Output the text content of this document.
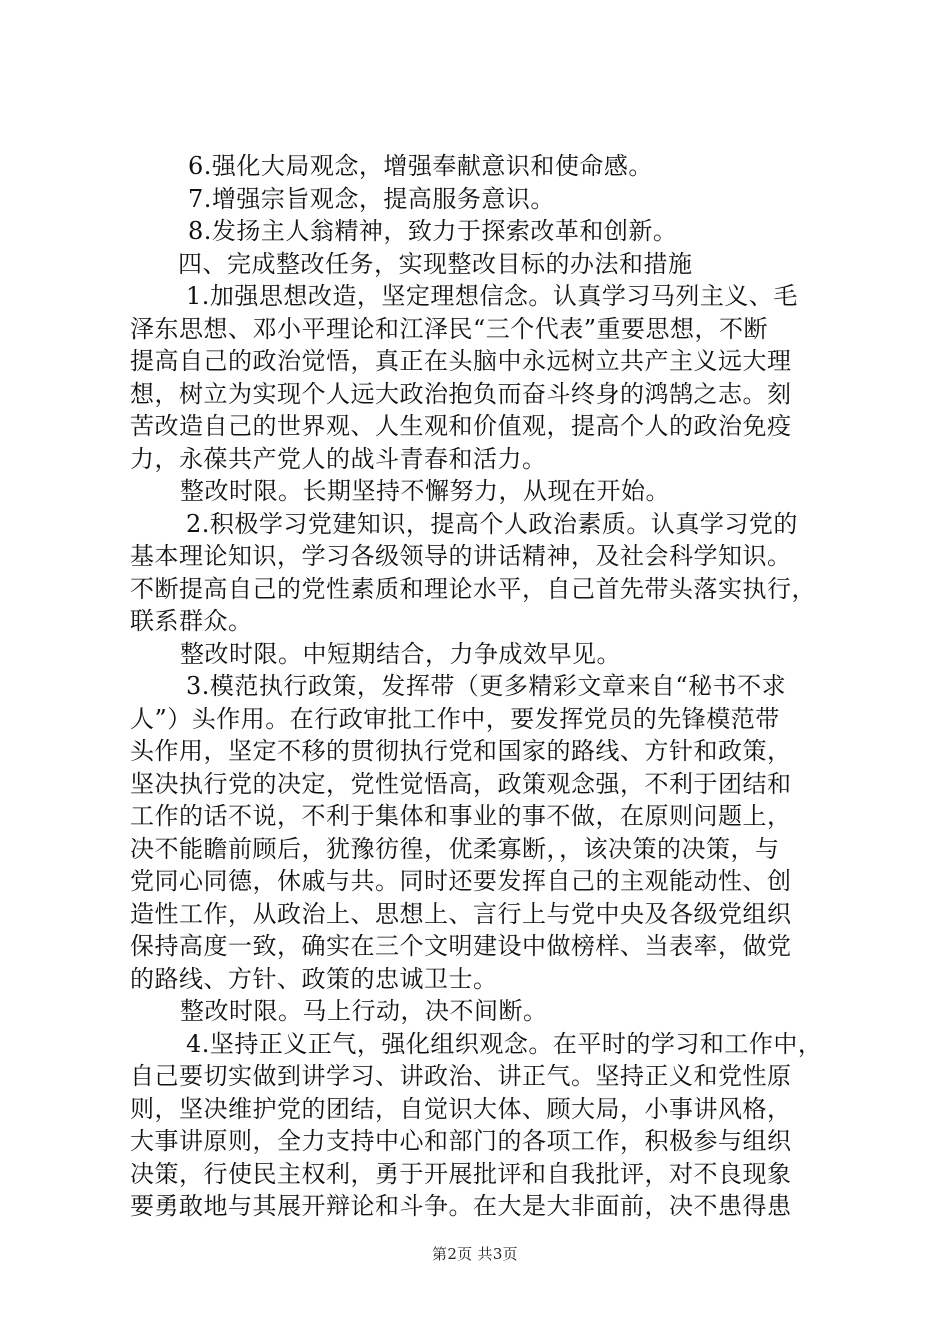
6.强化大局观念，增强奉献意识和使命感。
7.增强宗旨观念，提高服务意识。
8.发扬主人翁精神，致力于探索改革和创新。
四、完成整改任务，实现整改目标的办法和措施
1.加强思想改造，坚定理想信念。认真学习马列主义、毛
泽东思想、邓小平理论和江泽民“三个代表”重要思想，不断
提高自己的政治觉悟，真正在头脑中永远树立共产主义远大理
想，树立为实现个人远大政治抱负而奋斗终身的鸿鹄之志。刻
苦改造自己的世界观、人生观和价值观，提高个人的政治免疫
力，永葆共产党人的战斗青春和活力。
整改时限。长期坚持不懈努力，从现在开始。
2.积极学习党建知识，提高个人政治素质。认真学习党的
基本理论知识，学习各级领导的讲话精神，及社会科学知识。
不断提高自己的党性素质和理论水平，自己首先带头落实执行，
联系群众。
整改时限。中短期结合，力争成效早见。
3.模范执行政策，发挥带（更多精彩文章来自“秘书不求
人”）头作用。在行政审批工作中，要发挥党员的先锋模范带
头作用，坚定不移的贯彻执行党和国家的路线、方针和政策，
坚决执行党的决定，党性觉悟高，政策观念强，不利于团结和
工作的话不说，不利于集体和事业的事不做，在原则问题上，
决不能瞻前顾后，犹豫彷徨，优柔寡断，，该决策的决策，与
党同心同德，休戚与共。同时还要发挥自己的主观能动性、创
造性工作，从政治上、思想上、言行上与党中央及各级党组织
保持高度一致，确实在三个文明建设中做榜样、当表率，做党
的路线、方针、政策的忠诚卫士。
整改时限。马上行动，决不间断。
4.坚持正义正气，强化组织观念。在平时的学习和工作中，
自己要切实做到讲学习、讲政治、讲正气。坚持正义和党性原
则，坚决维护党的团结，自觉识大体、顾大局，小事讲风格，
大事讲原则，全力支持中心和部门的各项工作，积极参与组织
决策，行使民主权利，勇于开展批评和自我批评，对不良现象
要勇敢地与其展开辩论和斗争。在大是大非面前，决不患得患
第2页 共3页
